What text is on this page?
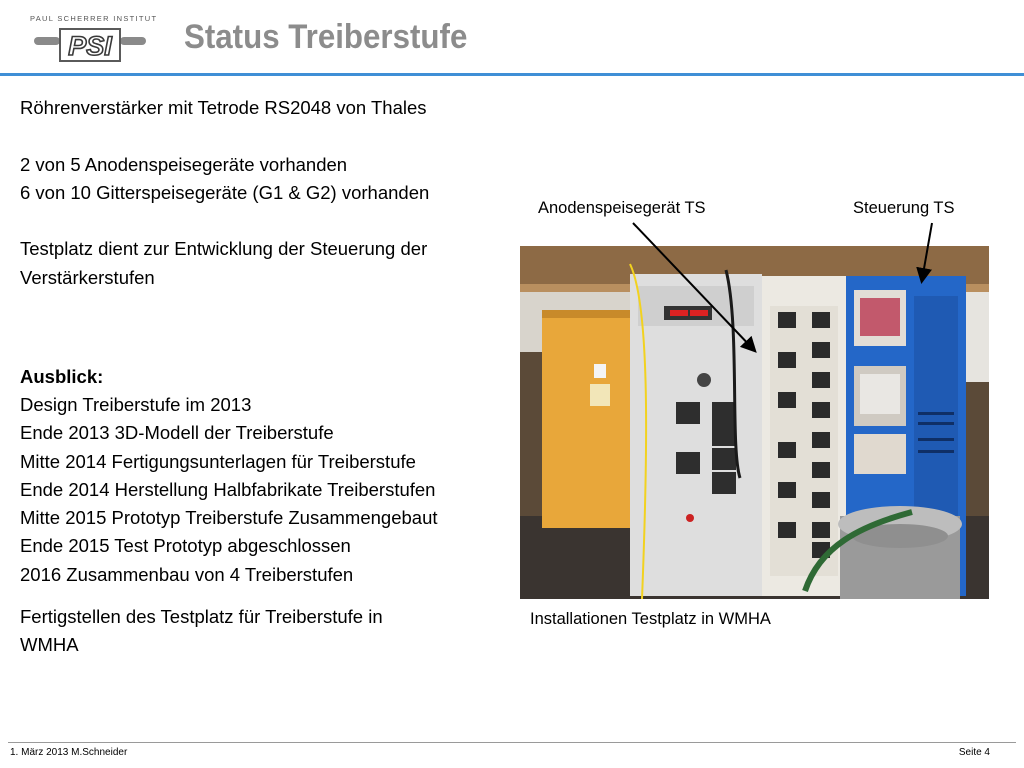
PAUL SCHERRER INSTITUT
PSI Status Treiberstufe

Röhrenverstärker mit Tetrode RS2048 von Thales

2 von 5 Anodenspeisegeräte vorhanden

6 von 10 Gitterspeisegeräte (G1 & G2) vorhanden

Testplatz dient zur Entwicklung der Steuerung der

Verstärkerstufen

Ausblick:

Design Treiberstufe im 2013

Ende 2013 3D-Modell der Treiberstufe

Mitte 2014 Fertigungsunterlagen für Treiberstufe

Ende 2014 Herstellung Halbfabrikate Treiberstufen

Mitte 2015 Prototyp Treiberstufe Zusammengebaut

Ende 2015 Test Prototyp abgeschlossen

2016 Zusammenbau von 4 Treiberstufen

Fertigstellen des Testplatz für Treiberstufe in

WMHA

Anodenspeisegerät TS	Steuerung TS
Installationen Testplatz in WMHA
1. März 2013 M.Schneider	Seite 4
